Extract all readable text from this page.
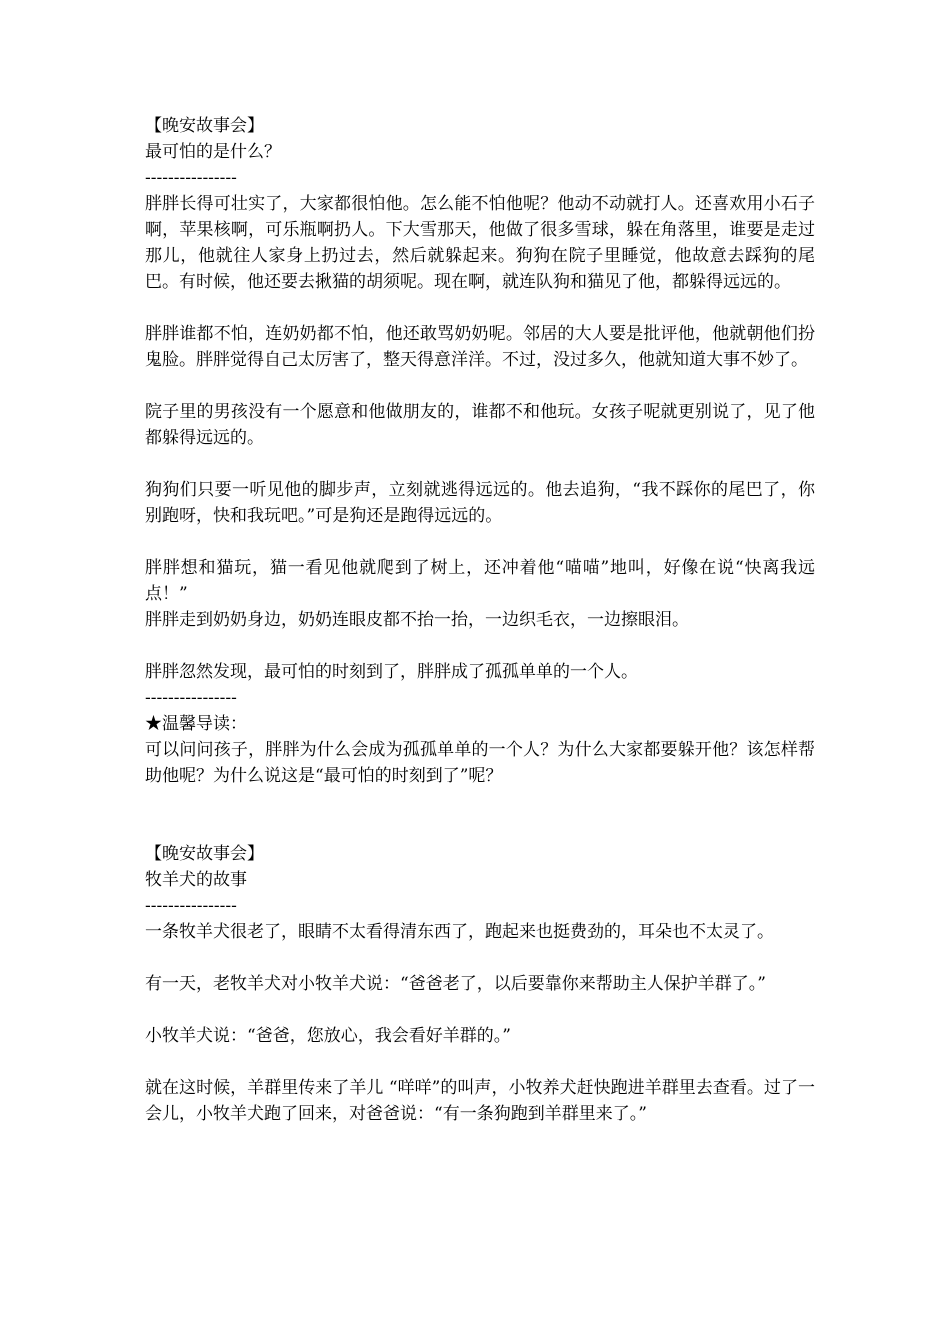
【晚安故事会】
最可怕的是什么？
----------------
胖胖长得可壮实了，大家都很怕他。怎么能不怕他呢？他动不动就打人。还喜欢用小石子啊，苹果核啊，可乐瓶啊扔人。下大雪那天，他做了很多雪球，躲在角落里，谁要是走过那儿，他就往人家身上扔过去，然后就躲起来。狗狗在院子里睡觉，他故意去踩狗的尾巴。有时候，他还要去揪猫的胡须呢。现在啊，就连队狗和猫见了他，都躲得远远的。
胖胖谁都不怕，连奶奶都不怕，他还敢骂奶奶呢。邻居的大人要是批评他，他就朝他们扮鬼脸。胖胖觉得自己太厉害了，整天得意洋洋。不过，没过多久，他就知道大事不妙了。
院子里的男孩没有一个愿意和他做朋友的，谁都不和他玩。女孩子呢就更别说了，见了他都躲得远远的。
狗狗们只要一听见他的脚步声，立刻就逃得远远的。他去追狗，“我不踩你的尾巴了，你别跑呀，快和我玩吧。”可是狗还是跑得远远的。
胖胖想和猫玩，猫一看见他就爬到了树上，还冲着他“喵喵”地叫，好像在说“快离我远点！”
胖胖走到奶奶身边，奶奶连眼皮都不抬一抬，一边织毛衣，一边擦眼泪。
胖胖忽然发现，最可怕的时刻到了，胖胖成了孤孤单单的一个人。
----------------
★温馨导读：
可以问问孩子，胖胖为什么会成为孤孤单单的一个人？为什么大家都要躲开他？该怎样帮助他呢？为什么说这是“最可怕的时刻到了”呢？
【晚安故事会】
牧羊犬的故事
----------------
一条牧羊犬很老了，眼睛不太看得清东西了，跑起来也挺费劲的，耳朵也不太灵了。
有一天，老牧羊犬对小牧羊犬说：“爸爸老了，以后要靠你来帮助主人保护羊群了。”
小牧羊犬说：“爸爸，您放心，我会看好羊群的。”
就在这时候，羊群里传来了羊儿 “咩咩”的叫声，小牧养犬赶快跑进羊群里去查看。过了一会儿，小牧羊犬跑了回来，对爸爸说：“有一条狗跑到羊群里来了。”
